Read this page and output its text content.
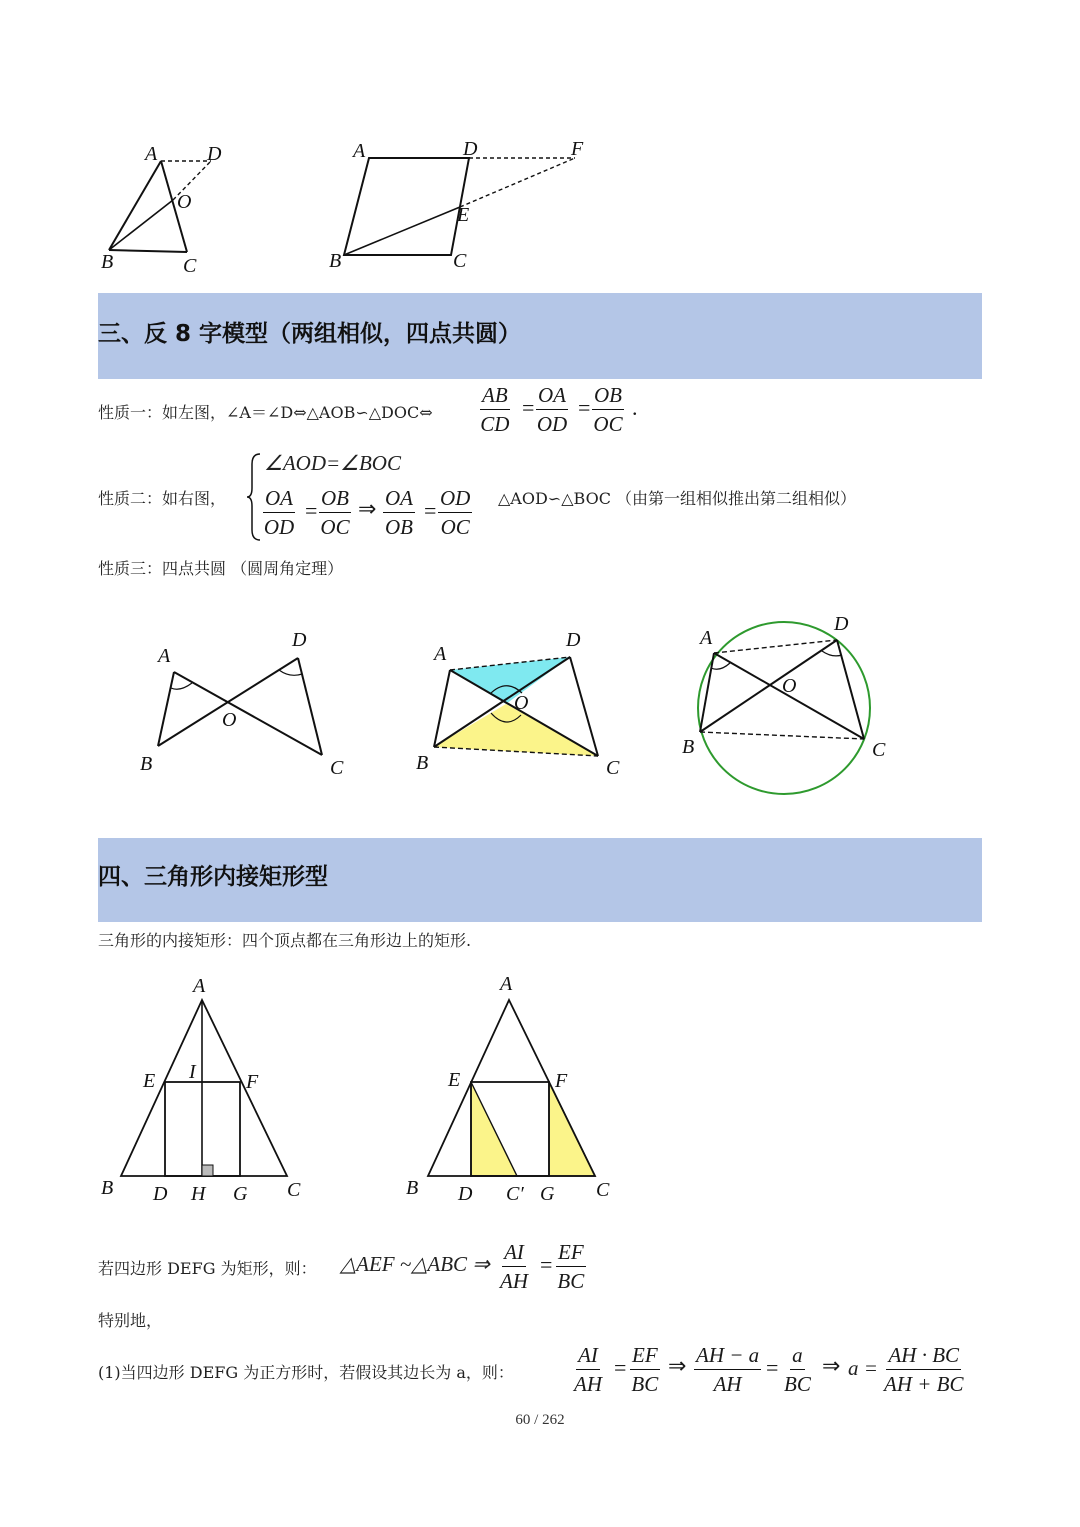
A D
O
B	C
A	D	F
E
B	C
三、反 8 字模型（两组相似，四点共圆）
性质一：如左图，∠A＝∠D⇔△AOB∽△DOC⇔ $\frac{AB}{CD} = \frac{OA}{OD} = \frac{OB}{OC}$ .
性质二：如右图，
∠AOD=∠BOC
$\frac{OA}{OD} = \frac{OB}{OC}$ ⇒ $\frac{OA}{OB} = \frac{OD}{OC}$ △AOD∽△BOC （由第一组相似推出第二组相似）
性质三：四点共圆 （圆周角定理）
A
D
O
B	C
A
D
O
B	C
A
D
O
B	C
四、三角形内接矩形型
三角形的内接矩形：四个顶点都在三角形边上的矩形.
A
E I	F
B D H G C
A
E	F
B D C′ G C
若四边形 DEFG 为矩形，则： △AEF ~△ABC ⇒ $\frac{AI}{AH} = \frac{EF}{BC}$
特别地，
(1)当四边形 DEFG 为正方形时，若假设其边长为 a，则：	$\frac{AI}{AH} = \frac{EF}{BC}$ ⇒ $\frac{AH - a}{AH} = \frac{a}{BC}$ ⇒ $a = \frac{AH \cdot BC}{AH + BC}$
60 / 262
